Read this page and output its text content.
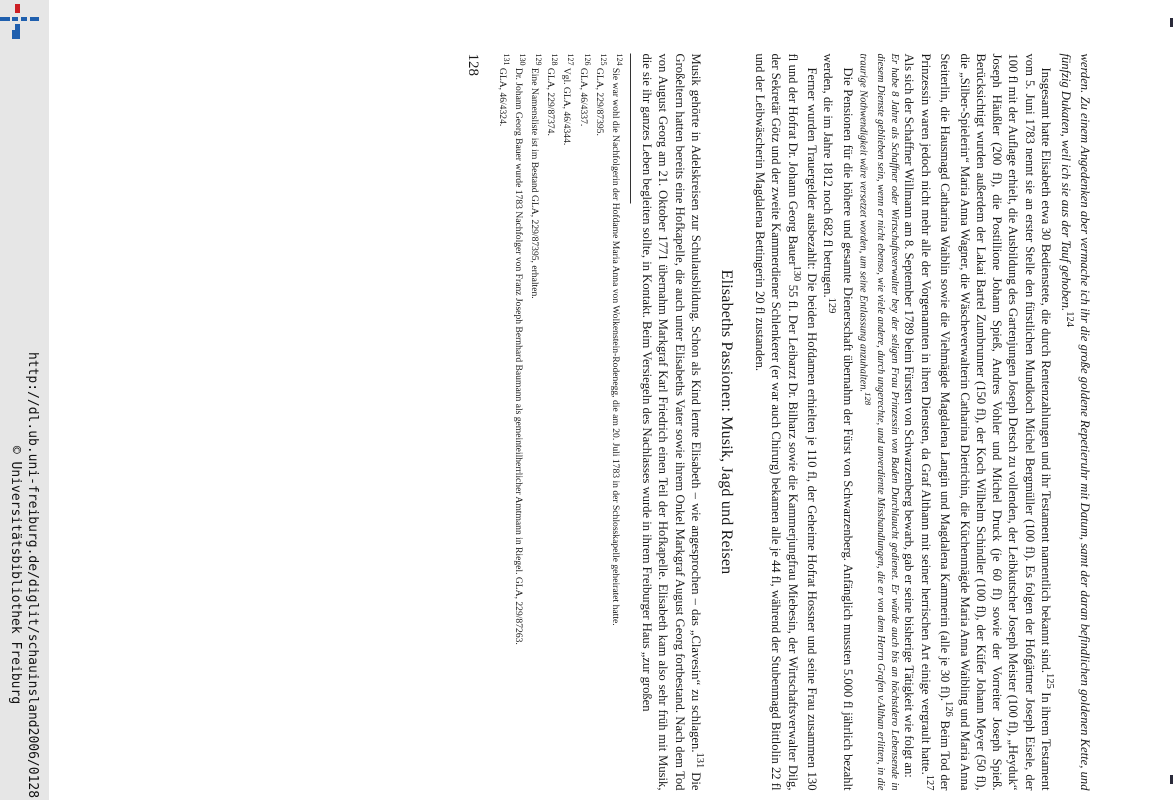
http://dl.ub.uni-freiburg.de/diglit/schauinsland2006/0128
© Universitätsbibliothek Freiburg	werden. Zu einem Angedenken aber vermache ich ihr die große goldene Repetieruhr mit Datum, samt der daran befindlichen goldenen Kette, und fünfzig Dukaten, weil ich sie aus der Tauf gehoben.$^{124}$

Insgesamt hatte Elisabeth etwa 30 Bedienstete, die durch Rentenzahlungen und ihr Testament namentlich bekannt sind.$^{125}$ In ihrem Testament vom 5. Juni 1783 nennt sie an erster Stelle den fürstlichen Mundkoch Michel Bergmüller (100 fl). Es folgen der Hofgärtner Joseph Eisele, der 100 fl mit der Auflage erhielt, die Ausbildung des Gartenjungen Joseph Detsch zu vollenden, der Leibkutscher Joseph Meister (100 fl), „Heyduk“ Joseph Häußler (200 fl), die Postillione Johann Spieß, Andres Vohler und Michel Druck (je 60 fl) sowie der Vorreiter Joseph Spieß. Berücksichtigt wurden außerdem der Lakai Bartel Zumbrunner (150 fl), der Koch Wilhelm Schindler (100 fl), der Küfer Johann Meyer (50 fl), die „Silber-Spielerin“ Maria Anna Wagner, die Wäscheverwalterin Catharina Dietrichin, die Küchenmägde Maria Anna Waibling und Maria Anna Steiterlin, die Hausmagd Catharina Waiblin sowie die Viehmägde Magdalena Langin und Magdalena Kammerin (alle je 30 fl).$^{126}$ Beim Tod der Prinzessin waren jedoch nicht mehr alle der Vorgenannten in ihren Diensten, da Graf Althann mit seiner herrischen Art einige vergrault hatte.$^{127}$ Als sich der Schaffner Willmann am 8. September 1789 beim Fürsten von Schwarzenberg bewarb, gab er seine bisherige Tätigkeit wie folgt an:

Er habe 8 Jahre als Schaffner oder Wirtschaftsverwalter bey der seligen Frau Prinzessin von Baden Durchlaucht gedienet. Er würde auch bis an höchstdero Lebensende in diesem Dienste geblieben sein, wenn er nicht ebenso, wie viele andere, durch ungerechte, und unverdiente Misshandlungen, die er von dem Herrn Grafen v.Althan erlitten, in die traurige Nothwendigkeit wäre versetzet worden, um seine Entlassung anzuhalten.$^{128}$

Die Pensionen für die höhere und gesamte Dienerschaft übernahm der Fürst von Schwarzenberg. Anfänglich mussten 5.000 fl jährlich bezahlt werden, die im Jahre 1812 noch 682 fl betrugen.$^{129}$

Ferner wurden Trauergelder ausbezahlt: Die beiden Hofdamen erhielten je 110 fl, der Geheime Hofrat Hossner und seine Frau zusammen 130 fl und der Hofrat Dr. Johann Georg Bauer$^{130}$ 55 fl. Der Leibarzt Dr. Bilharz sowie die Kammerjungfrau Miebesin, der Wirtschaftsverwalter Dilg, der Sekretär Götz und der zweite Kammerdiener Schlenkerer (er war auch Chirurg) bekamen alle je 44 fl, während der Stubenmagd Bittlolin 22 fl und der Leibwäscherin Magdalena Bettingerin 20 fl zustanden.

Elisabeths Passionen: Musik, Jagd und Reisen

Musik gehörte in Adelskreisen zur Schulausbildung. Schon als Kind lernte Elisabeth – wie angesprochen – das „Clavesin“ zu schlagen.$^{131}$ Die Großeltern hatten bereits eine Hofkapelle, die auch unter Elisabeths Vater sowie ihrem Onkel Markgraf August Georg fortbestand. Nach dem Tod von August Georg am 21. Oktober 1771 übernahm Markgraf Karl Friedrich einen Teil der Hofkapelle. Elisabeth kam also sehr früh mit Musik, die sie ihr ganzes Leben begleiten sollte, in Kontakt. Beim Versiegeln des Nachlasses wurde in ihrem Freiburger Haus „zur großen

$^{124}$ Sie war wohl die Nachfolgerin der Hofdame Maria Anna von Wolkenstein-Rodenegg, die am 20. Juli 1783 in der Schlosskapelle geheiratet hatte.
$^{125}$ GLA, 229/87395.
$^{126}$ GLA, 46/4337.
$^{127}$ Vgl. GLA, 46/4344.
$^{128}$ GLA, 229/87374.
$^{129}$ Eine Namensliste ist im Bestand GLA, 229/87395, erhalten.
$^{130}$ Dr. Johann Georg Bauer wurde 1783 Nachfolger von Franz Joseph Bernhard Baumann als gemeinteilherrlicher Amtmann in Riegel. GLA, 229/87263.
$^{131}$ GLA, 46/4324.
128
